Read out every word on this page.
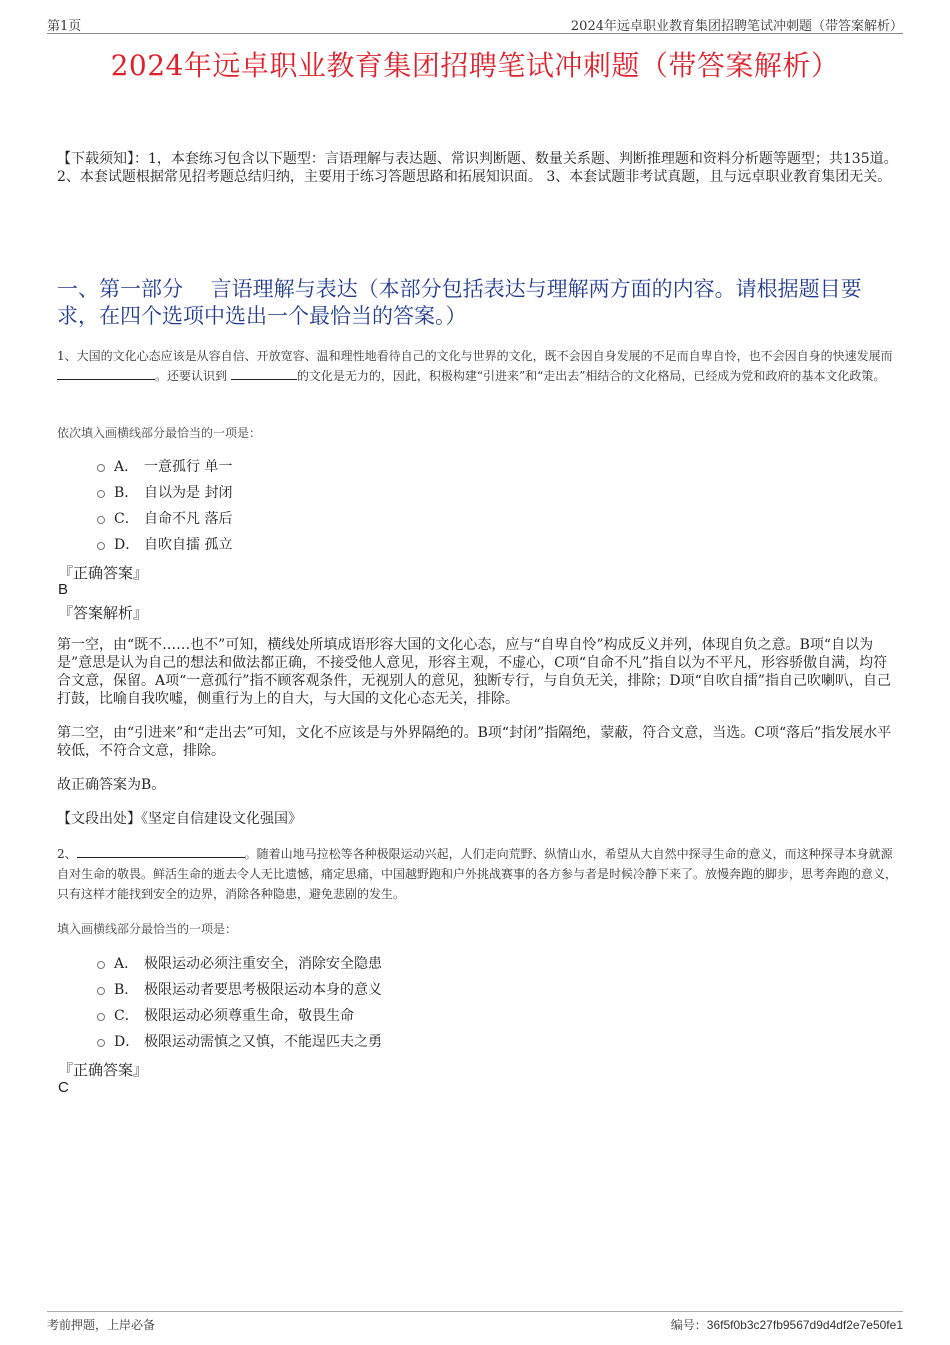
第1页	2024年远卓职业教育集团招聘笔试冲刺题（带答案解析）
2024年远卓职业教育集团招聘笔试冲刺题（带答案解析）
【下载须知】：1，本套练习包含以下题型：言语理解与表达题、常识判断题、数量关系题、判断推理题和资料分析题等题型；共135道。 2、本套试题根据常见招考题总结归纳，主要用于练习答题思路和拓展知识面。 3、本套试题非考试真题，且与远卓职业教育集团无关。
一、第一部分　 言语理解与表达（本部分包括表达与理解两方面的内容。请根据题目要求，在四个选项中选出一个最恰当的答案。）
1、大国的文化心态应该是从容自信、开放宽容、温和理性地看待自己的文化与世界的文化，既不会因自身发展的不足而自卑自怜，也不会因自身的快速发展而 。还要认识到	的文化是无力的，因此，积极构建“引进来”和“走出去”相结合的文化格局，已经成为党和政府的基本文化政策。
依次填入画横线部分最恰当的一项是：
A． 一意孤行 单一
B． 自以为是 封闭
C． 自命不凡 落后
D． 自吹自擂 孤立
『正确答案』
B
『答案解析』
第一空，由“既不……也不”可知，横线处所填成语形容大国的文化心态，应与“自卑自怜”构成反义并列，体现自负之意。B项“自以为是”意思是认为自己的想法和做法都正确，不接受他人意见，形容主观，不虚心，C项“自命不凡”指自以为不平凡，形容骄傲自满，均符合文意，保留。A项“一意孤行”指不顾客观条件，无视别人的意见，独断专行，与自负无关，排除；D项“自吹自擂”指自己吹喇叭，自己打鼓，比喻自我吹嘘，侧重行为上的自大，与大国的文化心态无关，排除。
第二空，由“引进来”和“走出去”可知，文化不应该是与外界隔绝的。B项“封闭”指隔绝，蒙蔽，符合文意，当选。C项“落后”指发展水平较低，不符合文意，排除。
故正确答案为B。
【文段出处】《坚定自信建设文化强国》
2、	。随着山地马拉松等各种极限运动兴起，人们走向荒野、纵情山水，希望从大自然中探寻生命的意义，而这种探寻本身就源自对生命的敬畏。鲜活生命的逝去令人无比遗憾，痛定思痛，中国越野跑和户外挑战赛事的各方参与者是时候冷静下来了。放慢奔跑的脚步，思考奔跑的意义，只有这样才能找到安全的边界，消除各种隐患，避免悲剧的发生。
填入画横线部分最恰当的一项是：
A． 极限运动必须注重安全，消除安全隐患
B． 极限运动者要思考极限运动本身的意义
C． 极限运动必须尊重生命，敬畏生命
D． 极限运动需慎之又慎，不能逞匹夫之勇
『正确答案』
C
考前押题，上岸必备	编号：36f5f0b3c27fb9567d9d4df2e7e50fe1
